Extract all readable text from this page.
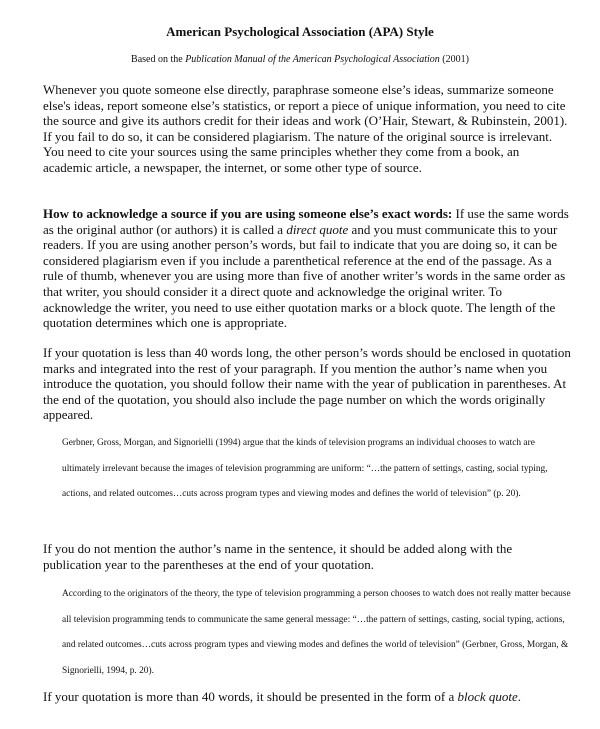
American Psychological Association (APA) Style
Based on the Publication Manual of the American Psychological Association (2001)
Whenever you quote someone else directly, paraphrase someone else’s ideas, summarize someone else's ideas, report someone else’s statistics, or report a piece of unique information, you need to cite the source and give its authors credit for their ideas and work (O’Hair, Stewart, & Rubinstein, 2001). If you fail to do so, it can be considered plagiarism. The nature of the original source is irrelevant. You need to cite your sources using the same principles whether they come from a book, an academic article, a newspaper, the internet, or some other type of source.
How to acknowledge a source if you are using someone else’s exact words: If use the same words as the original author (or authors) it is called a direct quote and you must communicate this to your readers. If you are using another person’s words, but fail to indicate that you are doing so, it can be considered plagiarism even if you include a parenthetical reference at the end of the passage. As a rule of thumb, whenever you are using more than five of another writer’s words in the same order as that writer, you should consider it a direct quote and acknowledge the original writer. To acknowledge the writer, you need to use either quotation marks or a block quote. The length of the quotation determines which one is appropriate.
If your quotation is less than 40 words long, the other person’s words should be enclosed in quotation marks and integrated into the rest of your paragraph. If you mention the author’s name when you introduce the quotation, you should follow their name with the year of publication in parentheses. At the end of the quotation, you should also include the page number on which the words originally appeared.
Gerbner, Gross, Morgan, and Signorielli (1994) argue that the kinds of television programs an individual chooses to watch are ultimately irrelevant because the images of television programming are uniform: “…the pattern of settings, casting, social typing, actions, and related outcomes…cuts across program types and viewing modes and defines the world of television” (p. 20).
If you do not mention the author’s name in the sentence, it should be added along with the publication year to the parentheses at the end of your quotation.
According to the originators of the theory, the type of television programming a person chooses to watch does not really matter because all television programming tends to communicate the same general message: “…the pattern of settings, casting, social typing, actions, and related outcomes…cuts across program types and viewing modes and defines the world of television” (Gerbner, Gross, Morgan, & Signorielli, 1994, p. 20).
If your quotation is more than 40 words, it should be presented in the form of a block quote.
